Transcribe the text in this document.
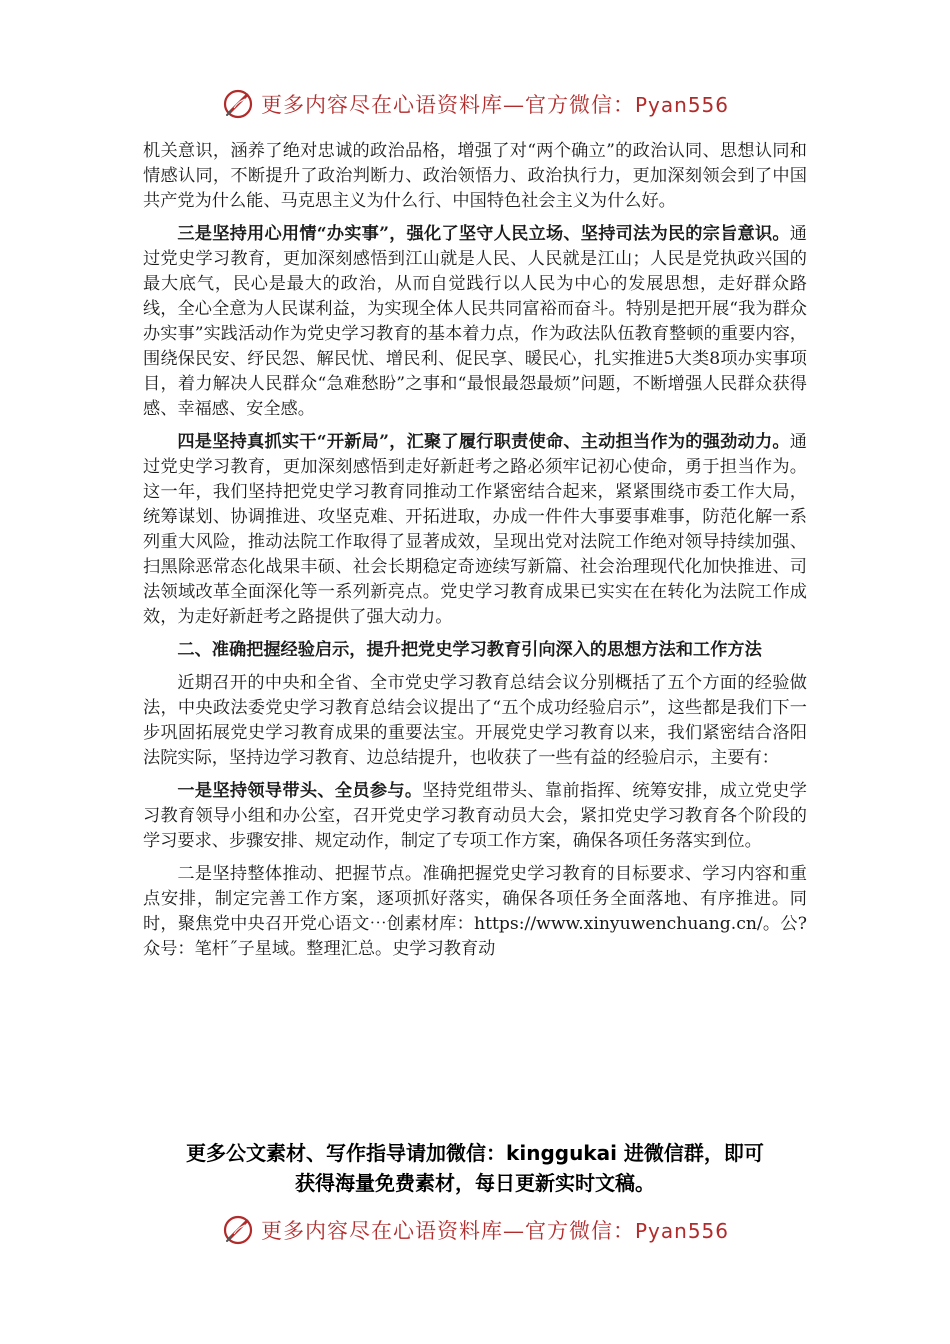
更多内容尽在心语资料库—官方微信：Pyan556

机关意识，涵养了绝对忠诚的政治品格，增强了对“两个确立”的政治认同、思想认同和情感认同，不断提升了政治判断力、政治领悟力、政治执行力，更加深刻领会到了中国共产党为什么能、马克思主义为什么行、中国特色社会主义为什么好。

三是坚持用心用情“办实事”，强化了坚守人民立场、坚持司法为民的宗旨意识。通过党史学习教育，更加深刻感悟到江山就是人民、人民就是江山；人民是党执政兴国的最大底气，民心是最大的政治，从而自觉践行以人民为中心的发展思想，走好群众路线，全心全意为人民谋利益，为实现全体人民共同富裕而奋斗。特别是把开展“我为群众办实事”实践活动作为党史学习教育的基本着力点，作为政法队伍教育整顿的重要内容，围绕保民安、纾民怨、解民忧、增民利、促民享、暖民心，扎实推进5大类8项办实事项目，着力解决人民群众“急难愁盼”之事和“最恨最怨最烦”问题，不断增强人民群众获得感、幸福感、安全感。

四是坚持真抓实干“开新局”，汇聚了履行职责使命、主动担当作为的强劲动力。通过党史学习教育，更加深刻感悟到走好新赶考之路必须牢记初心使命，勇于担当作为。这一年，我们坚持把党史学习教育同推动工作紧密结合起来，紧紧围绕市委工作大局，统筹谋划、协调推进、攻坚克难、开拓进取，办成一件件大事要事难事，防范化解一系列重大风险，推动法院工作取得了显著成效，呈现出党对法院工作绝对领导持续加强、扫黑除恶常态化战果丰硕、社会长期稳定奇迹续写新篇、社会治理现代化加快推进、司法领域改革全面深化等一系列新亮点。党史学习教育成果已实实在在转化为法院工作成效，为走好新赶考之路提供了强大动力。

二、准确把握经验启示，提升把党史学习教育引向深入的思想方法和工作方法

近期召开的中央和全省、全市党史学习教育总结会议分别概括了五个方面的经验做法，中央政法委党史学习教育总结会议提出了“五个成功经验启示”，这些都是我们下一步巩固拓展党史学习教育成果的重要法宝。开展党史学习教育以来，我们紧密结合洛阳法院实际，坚持边学习教育、边总结提升，也收获了一些有益的经验启示，主要有：

一是坚持领导带头、全员参与。坚持党组带头、靠前指挥、统筹安排，成立党史学习教育领导小组和办公室，召开党史学习教育动员大会，紧扣党史学习教育各个阶段的学习要求、步骤安排、规定动作，制定了专项工作方案，确保各项任务落实到位。

二是坚持整体推动、把握节点。准确把握党史学习教育的目标要求、学习内容和重点安排，制定完善工作方案，逐项抓好落实，确保各项任务全面落地、有序推进。同时，聚焦党中央召开党心语文⋯创素材库：https://www.xinyuwenchuang.cn/。公?众号：笔杆˝子星域。整理汇总。史学习教育动

更多公文素材、写作指导请加微信：kinggukai 进微信群，即可
获得海量免费素材，每日更新实时文稿。
更多内容尽在心语资料库—官方微信：Pyan556
